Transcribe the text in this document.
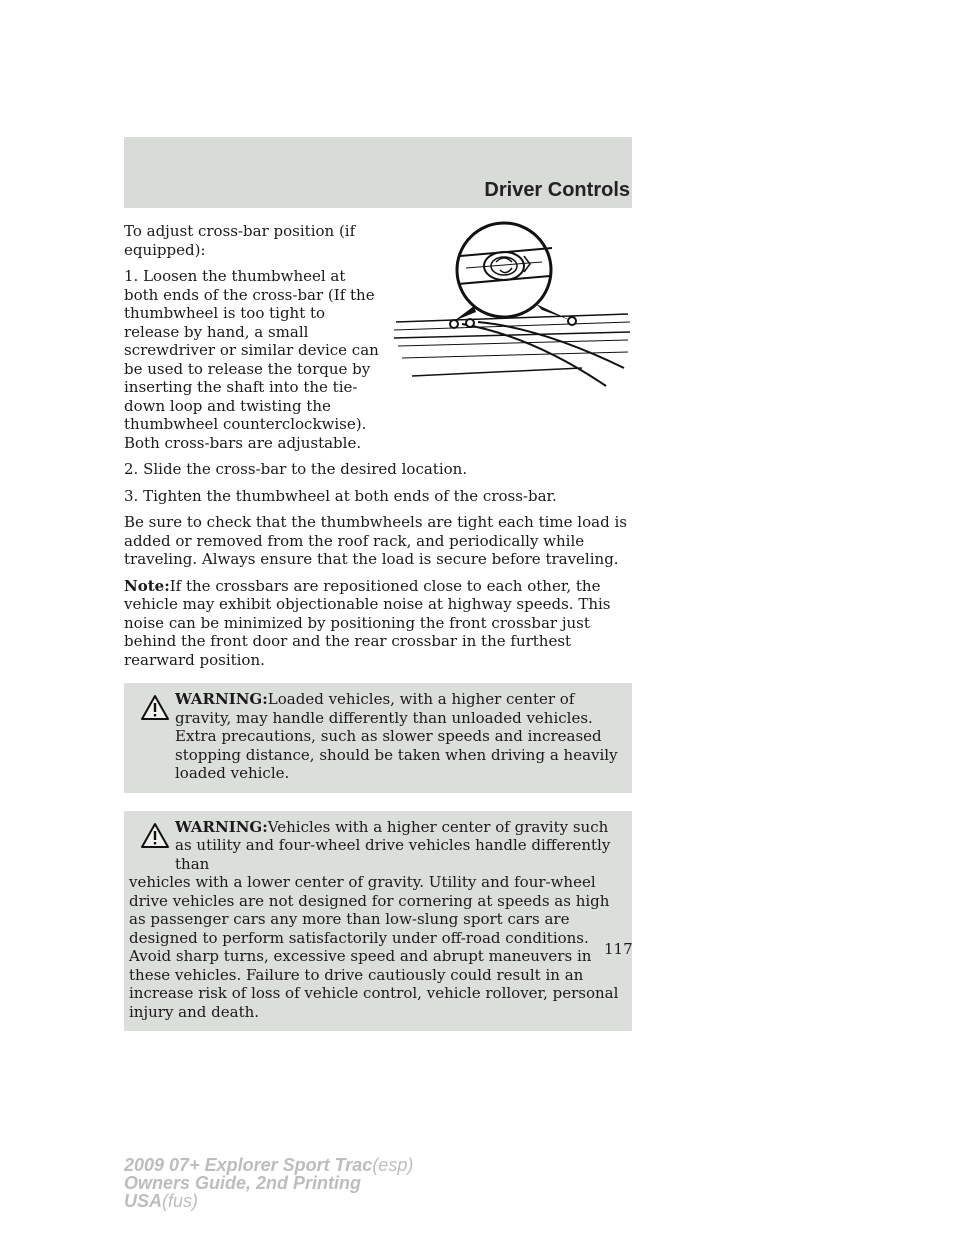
Driver Controls

To adjust cross-bar position (if equipped):

1. Loosen the thumbwheel at both ends of the cross-bar (If the thumbwheel is too tight to release by hand, a small screwdriver or similar device can be used to release the torque by inserting the shaft into the tie-down loop and twisting the thumbwheel counterclockwise). Both cross-bars are adjustable.

2. Slide the cross-bar to the desired location.

3. Tighten the thumbwheel at both ends of the cross-bar.

Be sure to check that the thumbwheels are tight each time load is added or removed from the roof rack, and periodically while traveling. Always ensure that the load is secure before traveling.

Note:If the crossbars are repositioned close to each other, the vehicle may exhibit objectionable noise at highway speeds. This noise can be minimized by positioning the front crossbar just behind the front door and the rear crossbar in the furthest rearward position.

WARNING:Loaded vehicles, with a higher center of gravity, may handle differently than unloaded vehicles. Extra precautions, such as slower speeds and increased stopping distance, should be taken when driving a heavily loaded vehicle.

WARNING:Vehicles with a higher center of gravity such as utility and four-wheel drive vehicles handle differently than

vehicles with a lower center of gravity. Utility and four-wheel drive vehicles are not designed for cornering at speeds as high as passenger cars any more than low-slung sport cars are designed to perform satisfactorily under off-road conditions. Avoid sharp turns, excessive speed and abrupt maneuvers in these vehicles. Failure to drive cautiously could result in an increase risk of loss of vehicle control, vehicle rollover, personal injury and death.

117
2009 07+ Explorer Sport Trac(esp)
Owners Guide, 2nd Printing
USA(fus)
